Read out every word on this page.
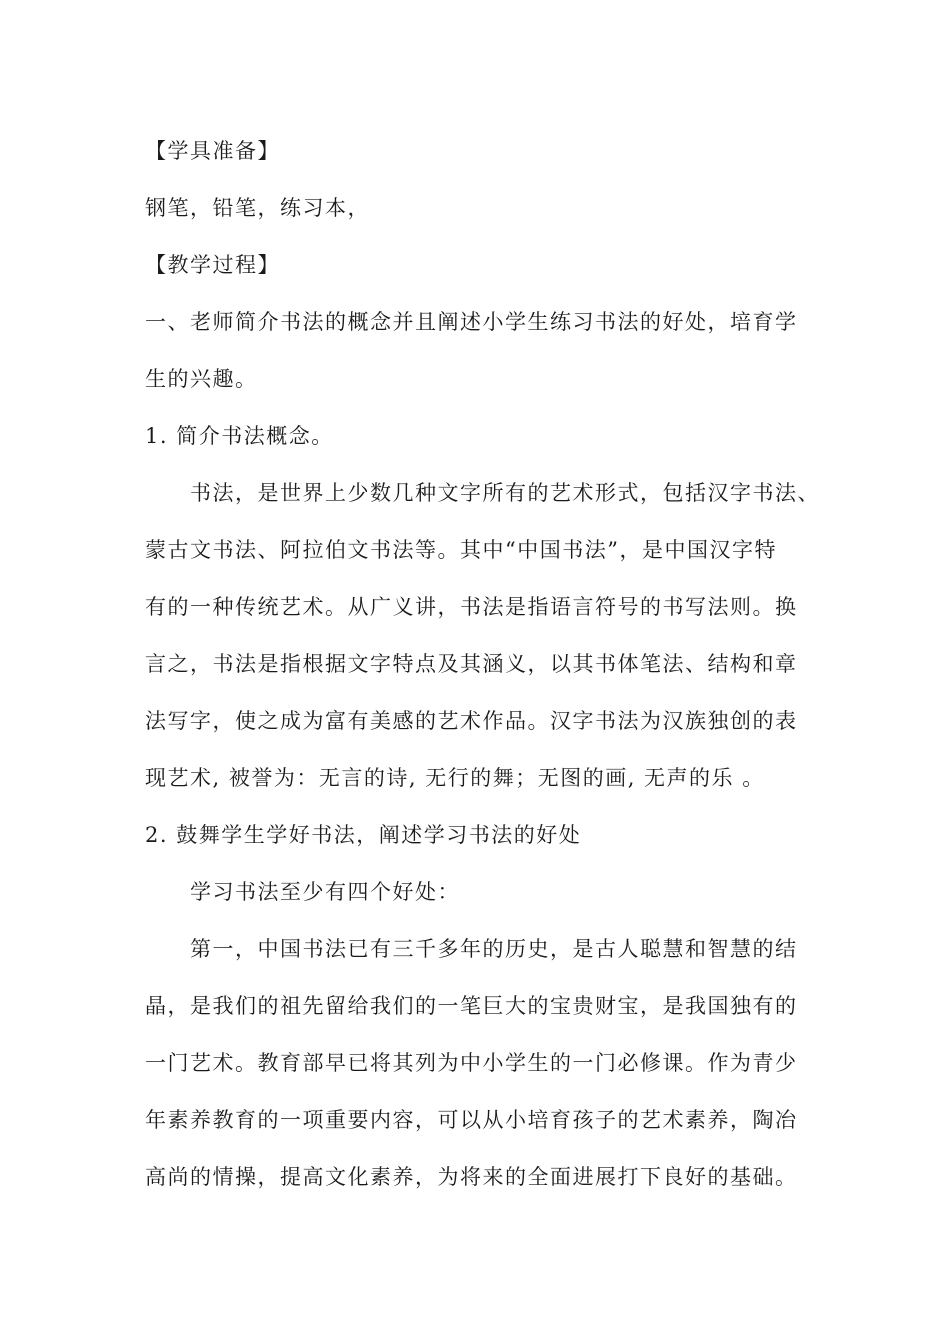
【学具准备】
钢笔，铅笔，练习本，
【教学过程】
一、老师简介书法的概念并且阐述小学生练习书法的好处，培育学
生的兴趣。
1. 简介书法概念。
书法，是世界上少数几种文字所有的艺术形式，包括汉字书法、
蒙古文书法、阿拉伯文书法等。其中“中国书法”，是中国汉字特
有的一种传统艺术。从广义讲，书法是指语言符号的书写法则。换
言之，书法是指根据文字特点及其涵义，以其书体笔法、结构和章
法写字，使之成为富有美感的艺术作品。汉字书法为汉族独创的表
现艺术, 被誉为：无言的诗, 无行的舞；无图的画, 无声的乐 。
2. 鼓舞学生学好书法，阐述学习书法的好处
学习书法至少有四个好处：
第一，中国书法已有三千多年的历史，是古人聪慧和智慧的结
晶，是我们的祖先留给我们的一笔巨大的宝贵财宝，是我国独有的
一门艺术。教育部早已将其列为中小学生的一门必修课。作为青少
年素养教育的一项重要内容，可以从小培育孩子的艺术素养，陶冶
高尚的情操，提高文化素养，为将来的全面进展打下良好的基础。
